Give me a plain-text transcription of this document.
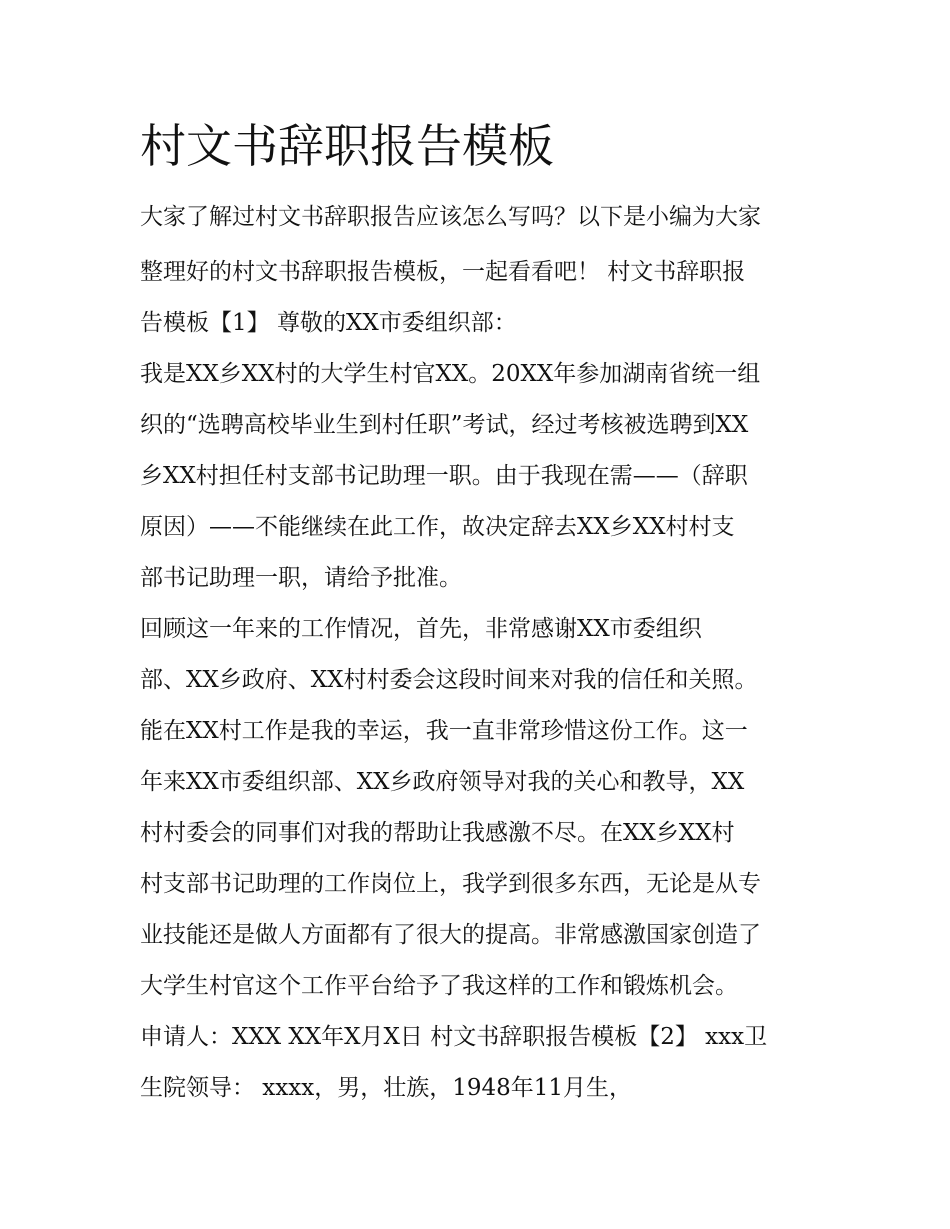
村文书辞职报告模板

大家了解过村文书辞职报告应该怎么写吗？以下是小编为大家

整理好的村文书辞职报告模板，一起看看吧！ 村文书辞职报

告模板【1】 尊敬的XX市委组织部：

我是XX乡XX村的大学生村官XX。20XX年参加湖南省统一组

织的“选聘高校毕业生到村任职”考试，经过考核被选聘到XX

乡XX村担任村支部书记助理一职。由于我现在需——（辞职

原因）——不能继续在此工作，故决定辞去XX乡XX村村支

部书记助理一职，请给予批准。

回顾这一年来的工作情况，首先，非常感谢XX市委组织

部、XX乡政府、XX村村委会这段时间来对我的信任和关照。

能在XX村工作是我的幸运，我一直非常珍惜这份工作。这一

年来XX市委组织部、XX乡政府领导对我的关心和教导，XX

村村委会的同事们对我的帮助让我感激不尽。在XX乡XX村

村支部书记助理的工作岗位上，我学到很多东西，无论是从专

业技能还是做人方面都有了很大的提高。非常感激国家创造了

大学生村官这个工作平台给予了我这样的工作和锻炼机会。

申请人：XXX XX年X月X日 村文书辞职报告模板【2】 xxx卫

生院领导： xxxx，男，壮族，1948年11月生，
